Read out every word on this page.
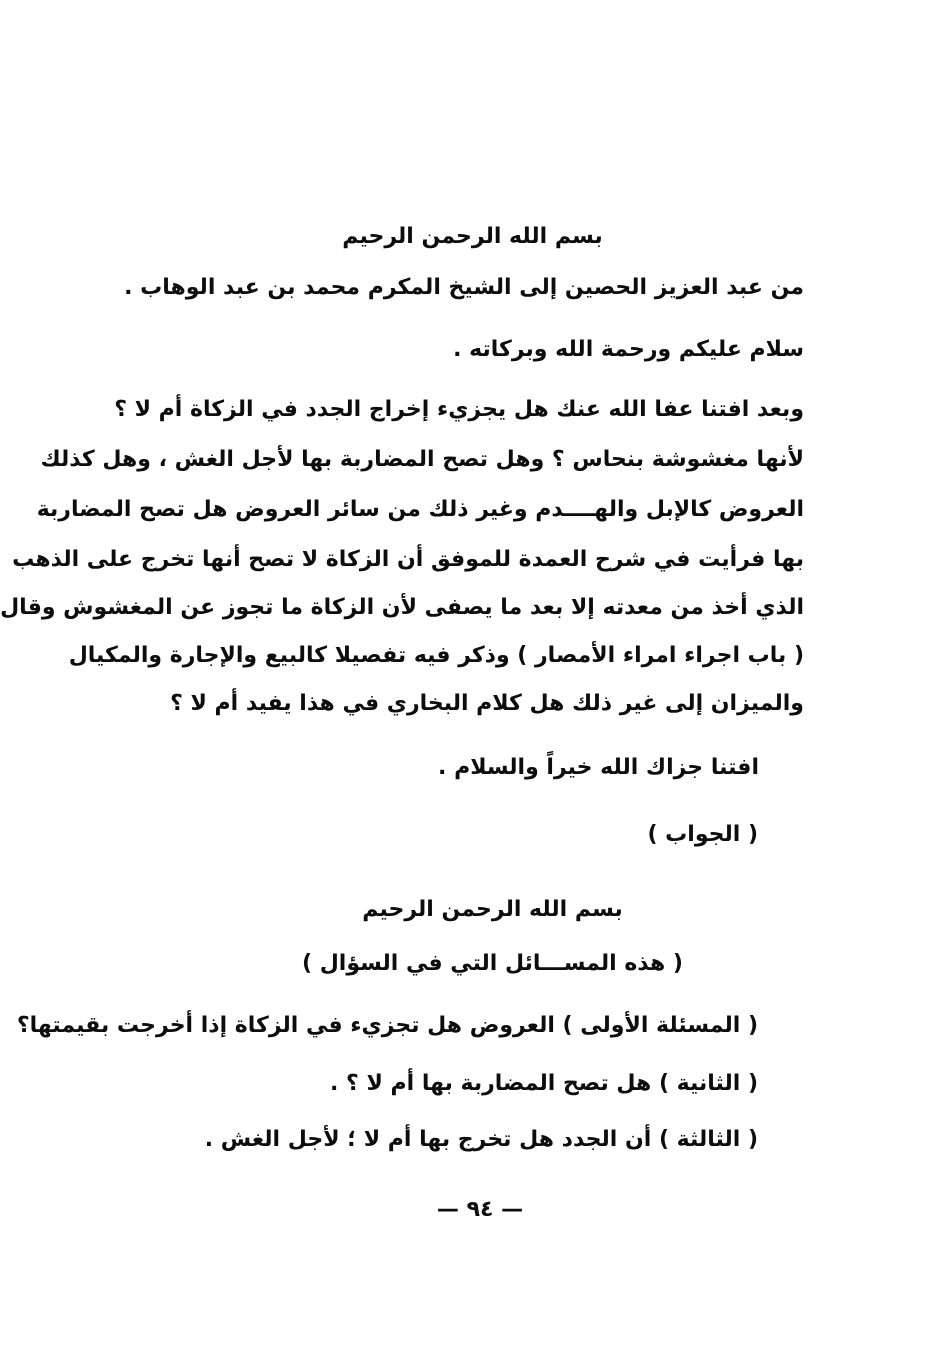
بسم الله الرحمن الرحيم
من عبد العزيز الحصين إلى الشيخ المكرم محمد بن عبد الوهاب .
سلام عليكم ورحمة الله وبركاته .
وبعد افتنا عفا الله عنك هل يجزيء إخراج الجدد في الزكاة أم لا ؟
لأنها مغشوشة بنحاس ؟ وهل تصح المضاربة بها لأجل الغش ، وهل كذلك
العروض كالإبل والهــــدم وغير ذلك من سائر العروض هل تصح المضاربة
بها فرأيت في شرح العمدة للموفق أن الزكاة لا تصح أنها تخرج على الذهب
الذي أخذ من معدته إلا بعد ما يصفى لأن الزكاة ما تجوز عن المغشوش وقال
( باب اجراء امراء الأمصار ) وذكر فيه تفصيلا كالبيع والإجارة والمكيال
والميزان إلى غير ذلك هل كلام البخاري في هذا يفيد أم لا ؟
افتنا جزاك الله خيراً والسلام .
( الجواب )
بسم الله الرحمن الرحيم
( هذه المســـائل التي في السؤال )
( المسئلة الأولى ) العروض هل تجزيء في الزكاة إذا أخرجت بقيمتها؟
( الثانية ) هل تصح المضاربة بها أم لا ؟ .
( الثالثة ) أن الجدد هل تخرج بها أم لا ؛ لأجل الغش .
— ٩٤ —
